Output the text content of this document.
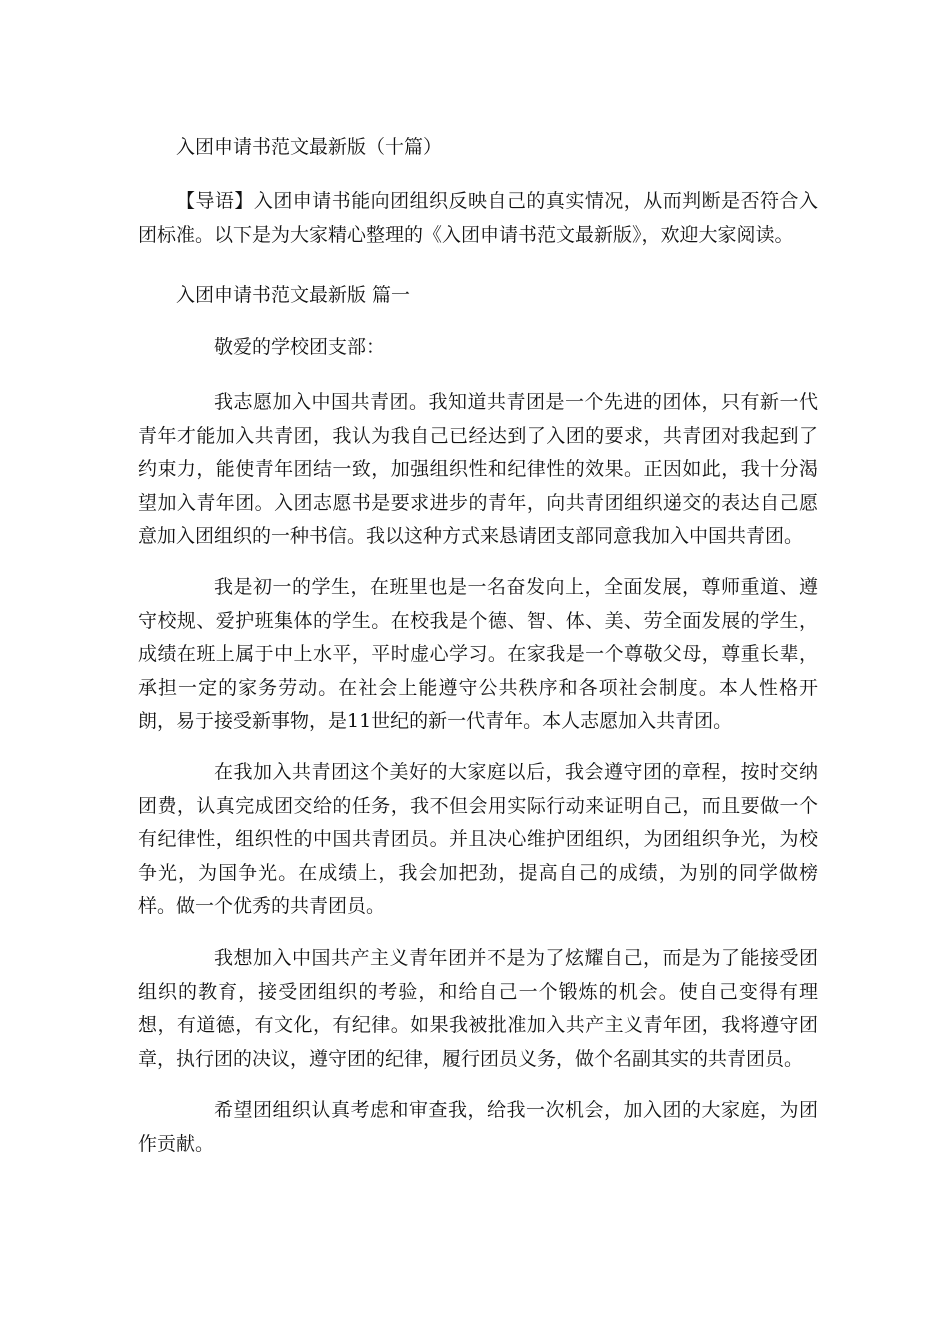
入团申请书范文最新版（十篇）

【导语】入团申请书能向团组织反映自己的真实情况，从而判断是否符合入团标准。以下是为大家精心整理的《入团申请书范文最新版》，欢迎大家阅读。

入团申请书范文最新版 篇一
敬爱的学校团支部：

我志愿加入中国共青团。我知道共青团是一个先进的团体，只有新一代青年才能加入共青团，我认为我自己已经达到了入团的要求，共青团对我起到了约束力，能使青年团结一致，加强组织性和纪律性的效果。正因如此，我十分渴望加入青年团。入团志愿书是要求进步的青年，向共青团组织递交的表达自己愿意加入团组织的一种书信。我以这种方式来恳请团支部同意我加入中国共青团。

我是初一的学生，在班里也是一名奋发向上，全面发展，尊师重道、遵守校规、爱护班集体的学生。在校我是个德、智、体、美、劳全面发展的学生，成绩在班上属于中上水平，平时虚心学习。在家我是一个尊敬父母，尊重长辈，承担一定的家务劳动。在社会上能遵守公共秩序和各项社会制度。本人性格开朗，易于接受新事物，是11世纪的新一代青年。本人志愿加入共青团。

在我加入共青团这个美好的大家庭以后，我会遵守团的章程，按时交纳团费，认真完成团交给的任务，我不但会用实际行动来证明自己，而且要做一个有纪律性，组织性的中国共青团员。并且决心维护团组织，为团组织争光，为校争光，为国争光。在成绩上，我会加把劲，提高自己的成绩，为别的同学做榜样。做一个优秀的共青团员。

我想加入中国共产主义青年团并不是为了炫耀自己，而是为了能接受团组织的教育，接受团组织的考验，和给自己一个锻炼的机会。使自己变得有理想，有道德，有文化，有纪律。如果我被批准加入共产主义青年团，我将遵守团章，执行团的决议，遵守团的纪律，履行团员义务，做个名副其实的共青团员。

希望团组织认真考虑和审查我，给我一次机会，加入团的大家庭，为团作贡献。
